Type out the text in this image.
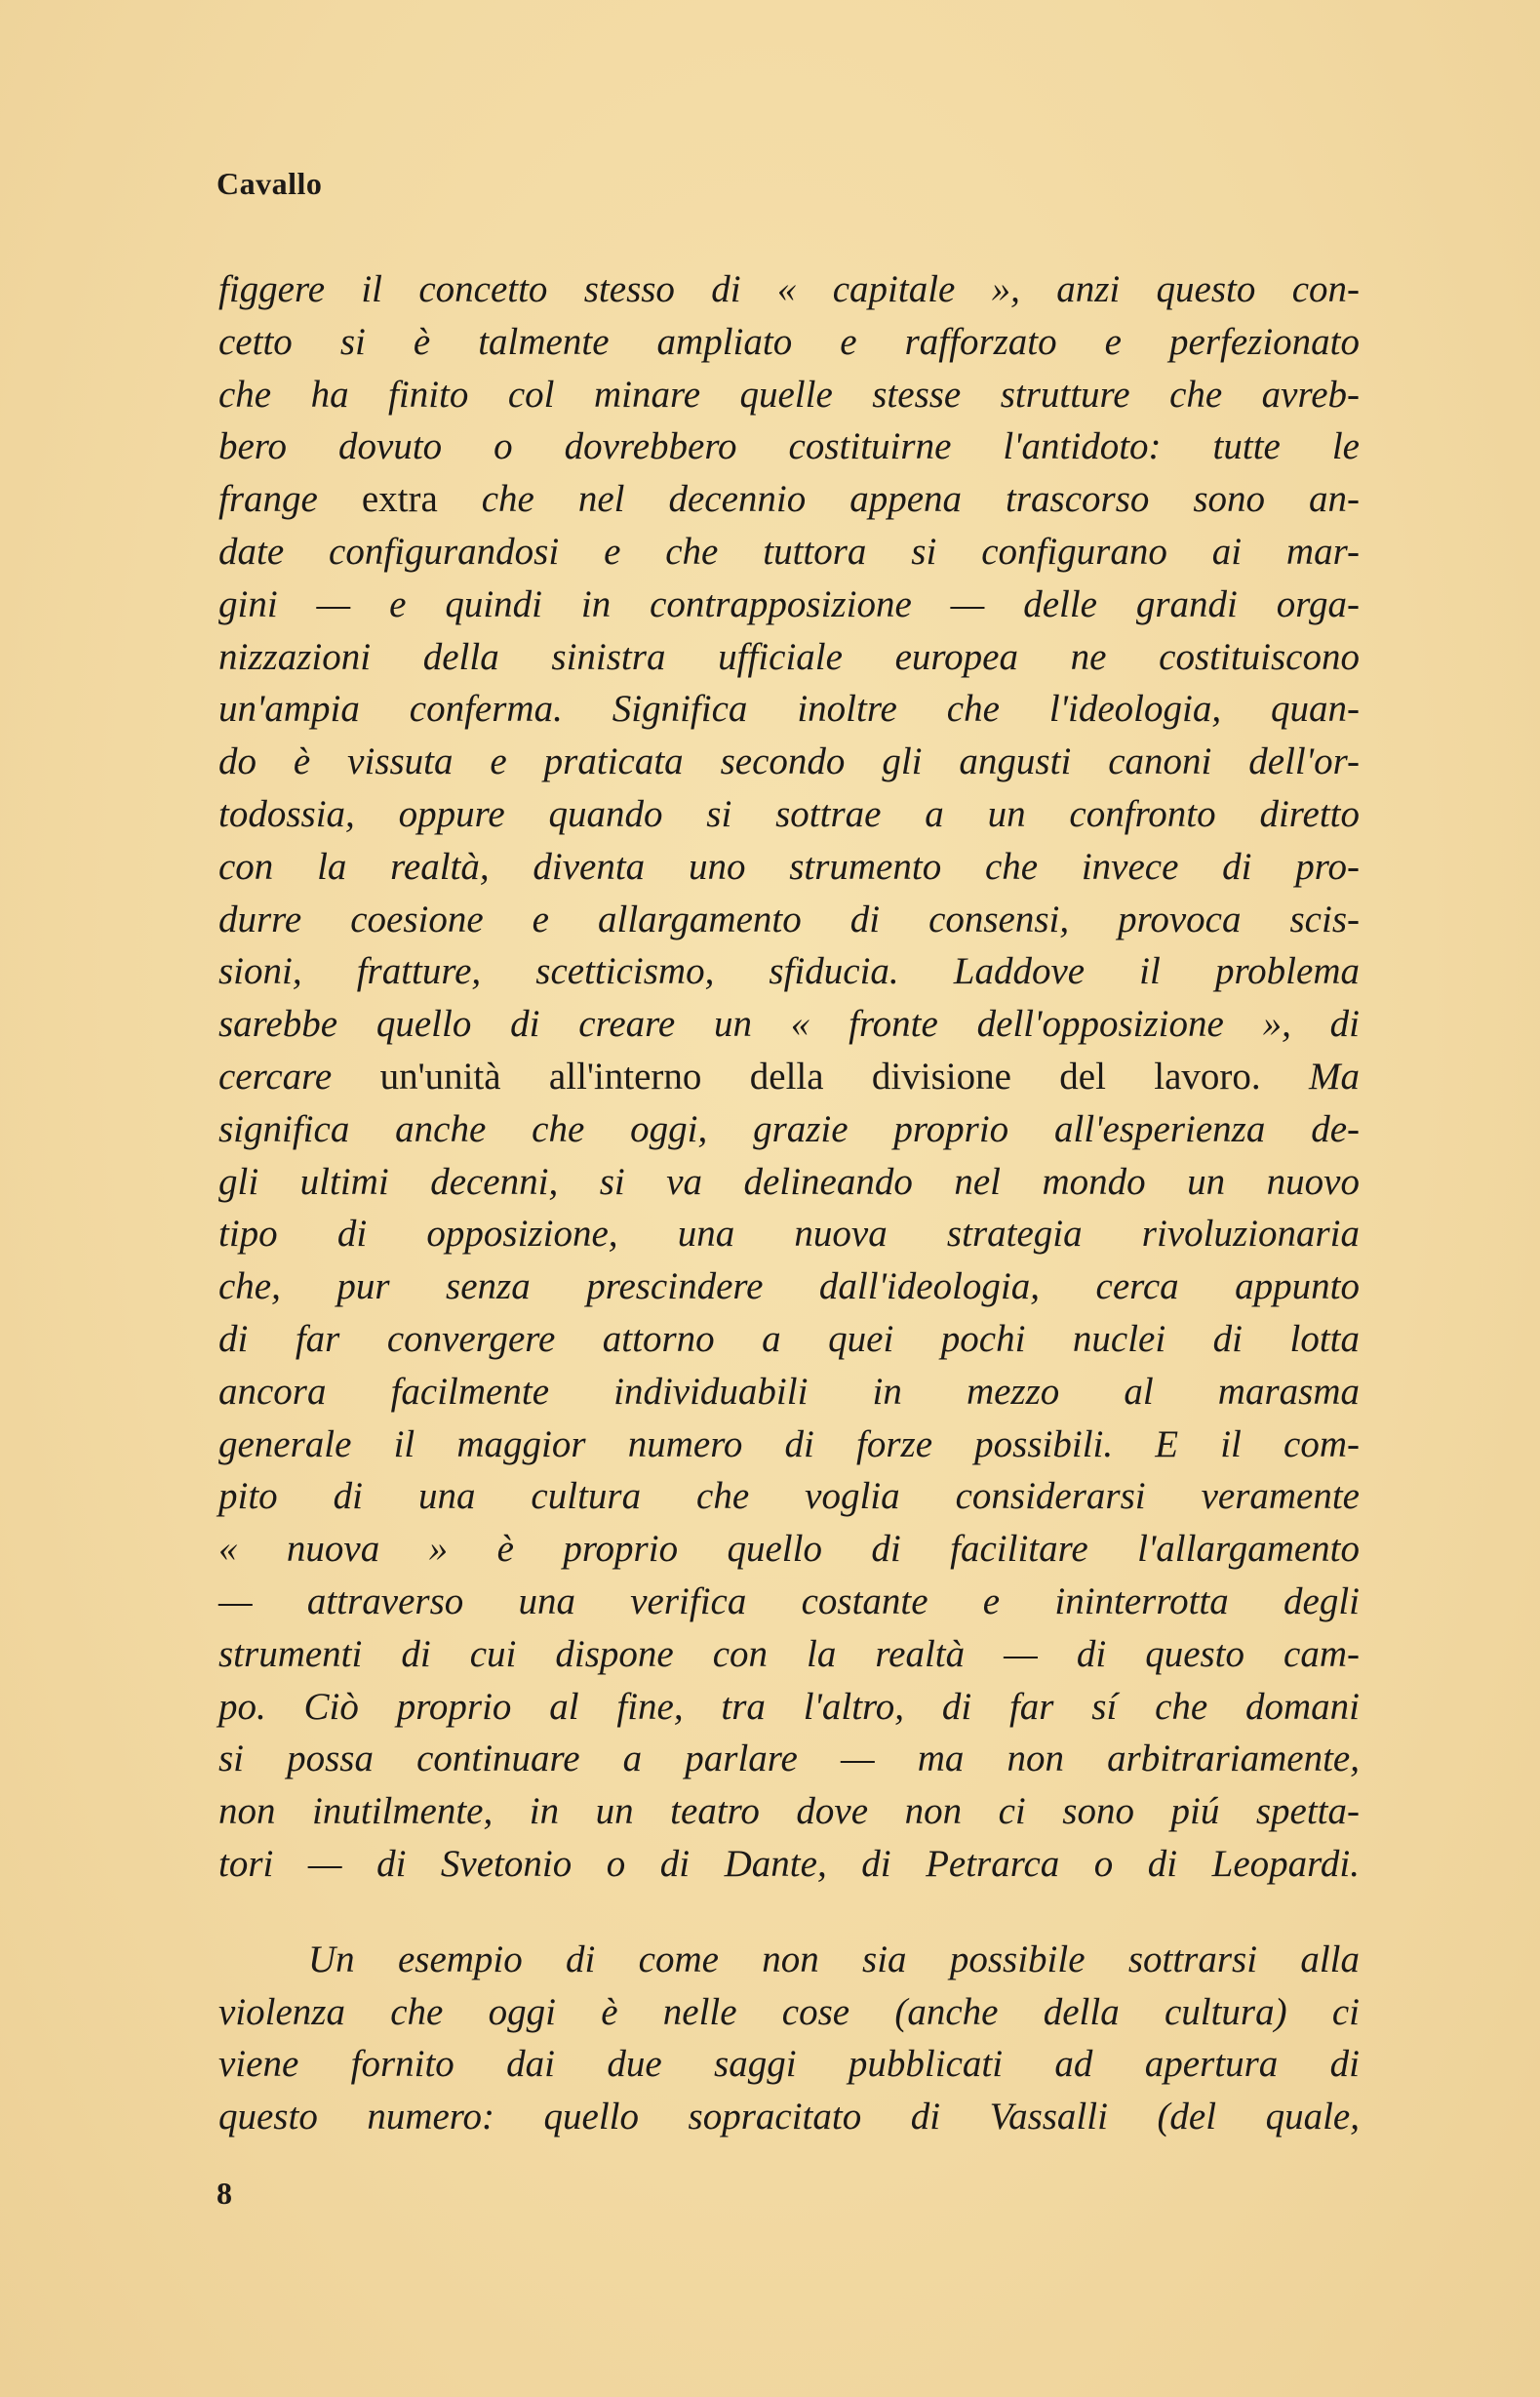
Cavallo
figgere il concetto stesso di « capitale », anzi questo con-
cetto si è talmente ampliato e rafforzato e perfezionato
che ha finito col minare quelle stesse strutture che avreb-
bero dovuto o dovrebbero costituirne l'antidoto: tutte le
frange extra che nel decennio appena trascorso sono an-
date configurandosi e che tuttora si configurano ai mar-
gini — e quindi in contrapposizione — delle grandi orga-
nizzazioni della sinistra ufficiale europea ne costituiscono
un'ampia conferma. Significa inoltre che l'ideologia, quan-
do è vissuta e praticata secondo gli angusti canoni dell'or-
todossia, oppure quando si sottrae a un confronto diretto
con la realtà, diventa uno strumento che invece di pro-
durre coesione e allargamento di consensi, provoca scis-
sioni, fratture, scetticismo, sfiducia. Laddove il problema
sarebbe quello di creare un « fronte dell'opposizione », di
cercare un'unità all'interno della divisione del lavoro. Ma
significa anche che oggi, grazie proprio all'esperienza de-
gli ultimi decenni, si va delineando nel mondo un nuovo
tipo di opposizione, una nuova strategia rivoluzionaria
che, pur senza prescindere dall'ideologia, cerca appunto
di far convergere attorno a quei pochi nuclei di lotta
ancora facilmente individuabili in mezzo al marasma
generale il maggior numero di forze possibili. E il com-
pito di una cultura che voglia considerarsi veramente
« nuova » è proprio quello di facilitare l'allargamento
— attraverso una verifica costante e ininterrotta degli
strumenti di cui dispone con la realtà — di questo cam-
po. Ciò proprio al fine, tra l'altro, di far sí che domani
si possa continuare a parlare — ma non arbitrariamente,
non inutilmente, in un teatro dove non ci sono piú spetta-
tori — di Svetonio o di Dante, di Petrarca o di Leopardi.
Un esempio di come non sia possibile sottrarsi alla
violenza che oggi è nelle cose (anche della cultura) ci
viene fornito dai due saggi pubblicati ad apertura di
questo numero: quello sopracitato di Vassalli (del quale,
8
